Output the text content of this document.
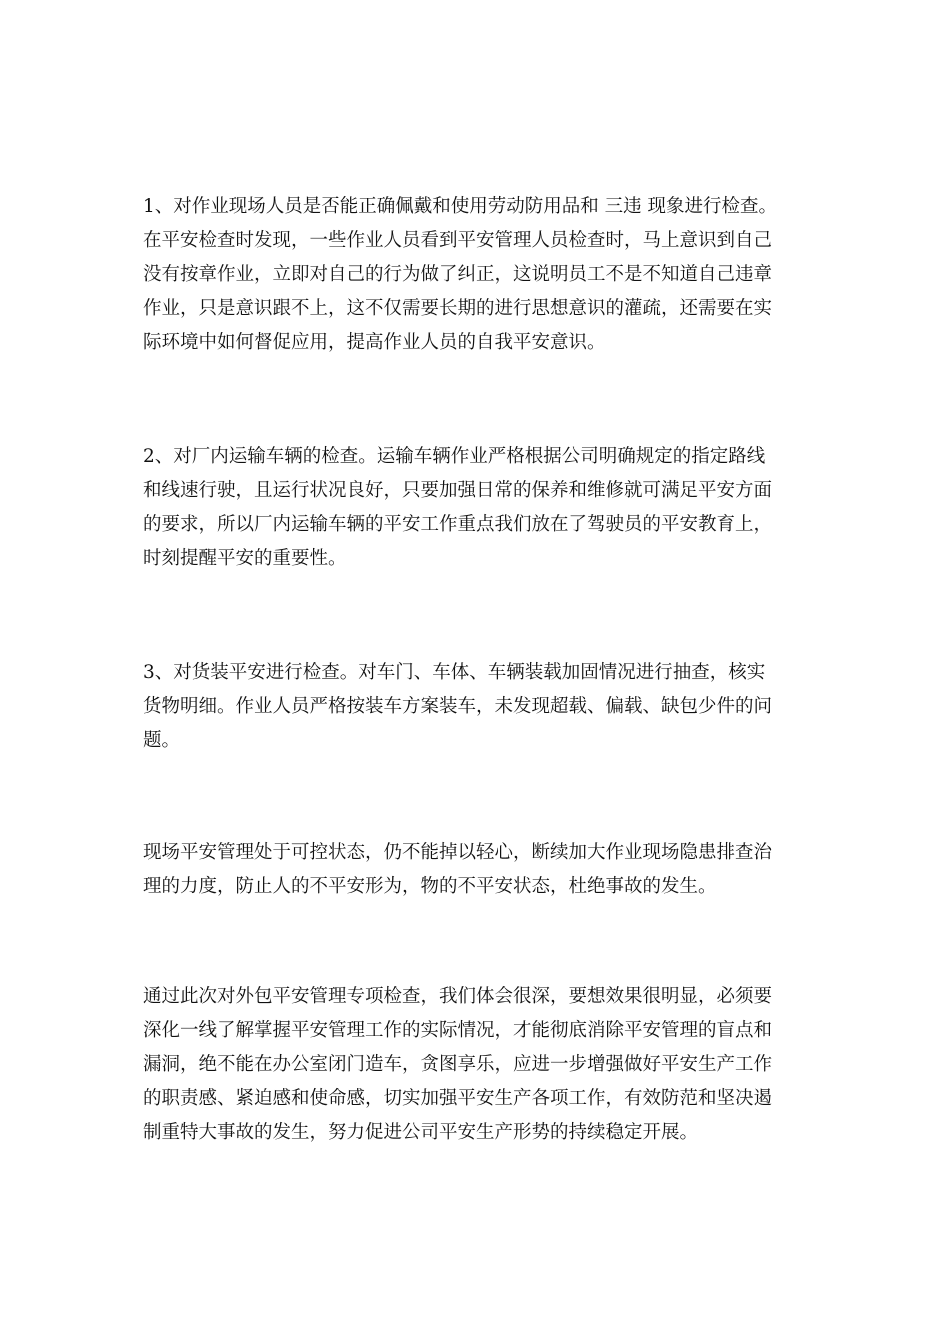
1、对作业现场人员是否能正确佩戴和使用劳动防用品和 三违 现象进行检查。
在平安检查时发现，一些作业人员看到平安管理人员检查时，马上意识到自己
没有按章作业，立即对自己的行为做了纠正，这说明员工不是不知道自己违章
作业，只是意识跟不上，这不仅需要长期的进行思想意识的灌疏，还需要在实
际环境中如何督促应用，提高作业人员的自我平安意识。

2、对厂内运输车辆的检查。运输车辆作业严格根据公司明确规定的指定路线
和线速行驶，且运行状况良好，只要加强日常的保养和维修就可满足平安方面
的要求，所以厂内运输车辆的平安工作重点我们放在了驾驶员的平安教育上，
时刻提醒平安的重要性。

3、对货装平安进行检查。对车门、车体、车辆装载加固情况进行抽查，核实
货物明细。作业人员严格按装车方案装车，未发现超载、偏载、缺包少件的问
题。

现场平安管理处于可控状态，仍不能掉以轻心，断续加大作业现场隐患排查治
理的力度，防止人的不平安形为，物的不平安状态，杜绝事故的发生。

通过此次对外包平安管理专项检查，我们体会很深，要想效果很明显，必须要
深化一线了解掌握平安管理工作的实际情况，才能彻底消除平安管理的盲点和
漏洞，绝不能在办公室闭门造车，贪图享乐，应进一步增强做好平安生产工作
的职责感、紧迫感和使命感，切实加强平安生产各项工作，有效防范和坚决遏
制重特大事故的发生，努力促进公司平安生产形势的持续稳定开展。
